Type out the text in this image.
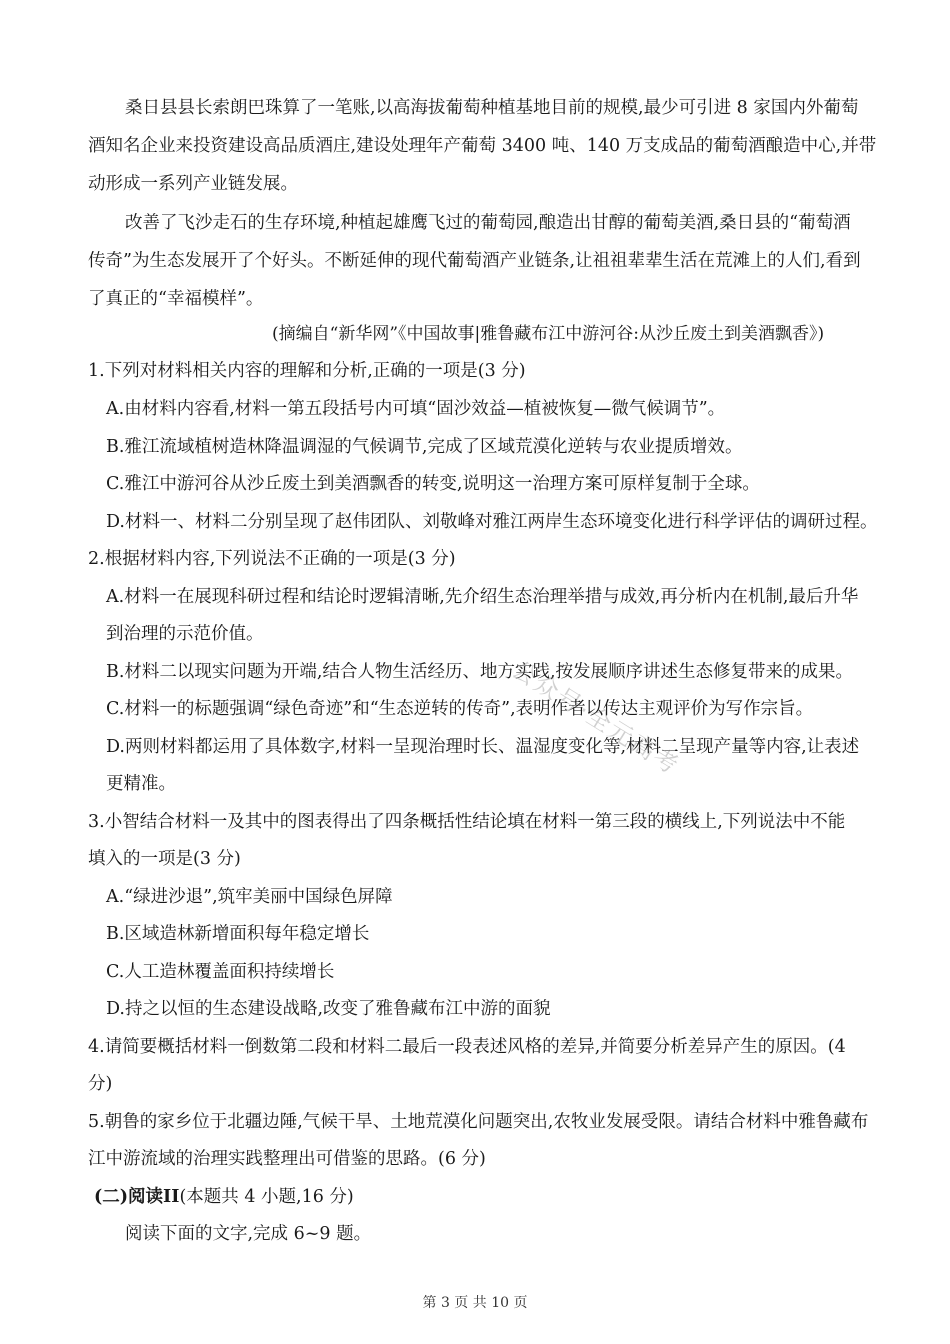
桑日县县长索朗巴珠算了一笔账,以高海拔葡萄种植基地目前的规模,最少可引进 8 家国内外葡萄
酒知名企业来投资建设高品质酒庄,建设处理年产葡萄 3400 吨、140 万支成品的葡萄酒酿造中心,并带
动形成一系列产业链发展。
改善了飞沙走石的生存环境,种植起雄鹰飞过的葡萄园,酿造出甘醇的葡萄美酒,桑日县的“葡萄酒
传奇”为生态发展开了个好头。不断延伸的现代葡萄酒产业链条,让祖祖辈辈生活在荒滩上的人们,看到
了真正的“幸福模样”。
(摘编自“新华网”《中国故事|雅鲁藏布江中游河谷:从沙丘废土到美酒飘香》)
1.下列对材料相关内容的理解和分析,正确的一项是(3 分)
A.由材料内容看,材料一第五段括号内可填“固沙效益—植被恢复—微气候调节”。
B.雅江流域植树造林降温调湿的气候调节,完成了区域荒漠化逆转与农业提质增效。
C.雅江中游河谷从沙丘废土到美酒飘香的转变,说明这一治理方案可原样复制于全球。
D.材料一、材料二分别呈现了赵伟团队、刘敬峰对雅江两岸生态环境变化进行科学评估的调研过程。
2.根据材料内容,下列说法不正确的一项是(3 分)
A.材料一在展现科研过程和结论时逻辑清晰,先介绍生态治理举措与成效,再分析内在机制,最后升华
到治理的示范价值。
B.材料二以现实问题为开端,结合人物生活经历、地方实践,按发展顺序讲述生态修复带来的成果。
C.材料一的标题强调“绿色奇迹”和“生态逆转的传奇”,表明作者以传达主观评价为写作宗旨。
D.两则材料都运用了具体数字,材料一呈现治理时长、温湿度变化等,材料二呈现产量等内容,让表述
更精准。
3.小智结合材料一及其中的图表得出了四条概括性结论填在材料一第三段的横线上,下列说法中不能
填入的一项是(3 分)
A.“绿进沙退”,筑牢美丽中国绿色屏障
B.区域造林新增面积每年稳定增长
C.人工造林覆盖面积持续增长
D.持之以恒的生态建设战略,改变了雅鲁藏布江中游的面貌
4.请简要概括材料一倒数第二段和材料二最后一段表述风格的差异,并简要分析差异产生的原因。(4
分)
5.朝鲁的家乡位于北疆边陲,气候干旱、土地荒漠化问题突出,农牧业发展受限。请结合材料中雅鲁藏布
江中游流域的治理实践整理出可借鉴的思路。(6 分)
(二)阅读II(本题共 4 小题,16 分)
阅读下面的文字,完成 6~9 题。
公众号·全元高考
第 3 页 共 10 页
